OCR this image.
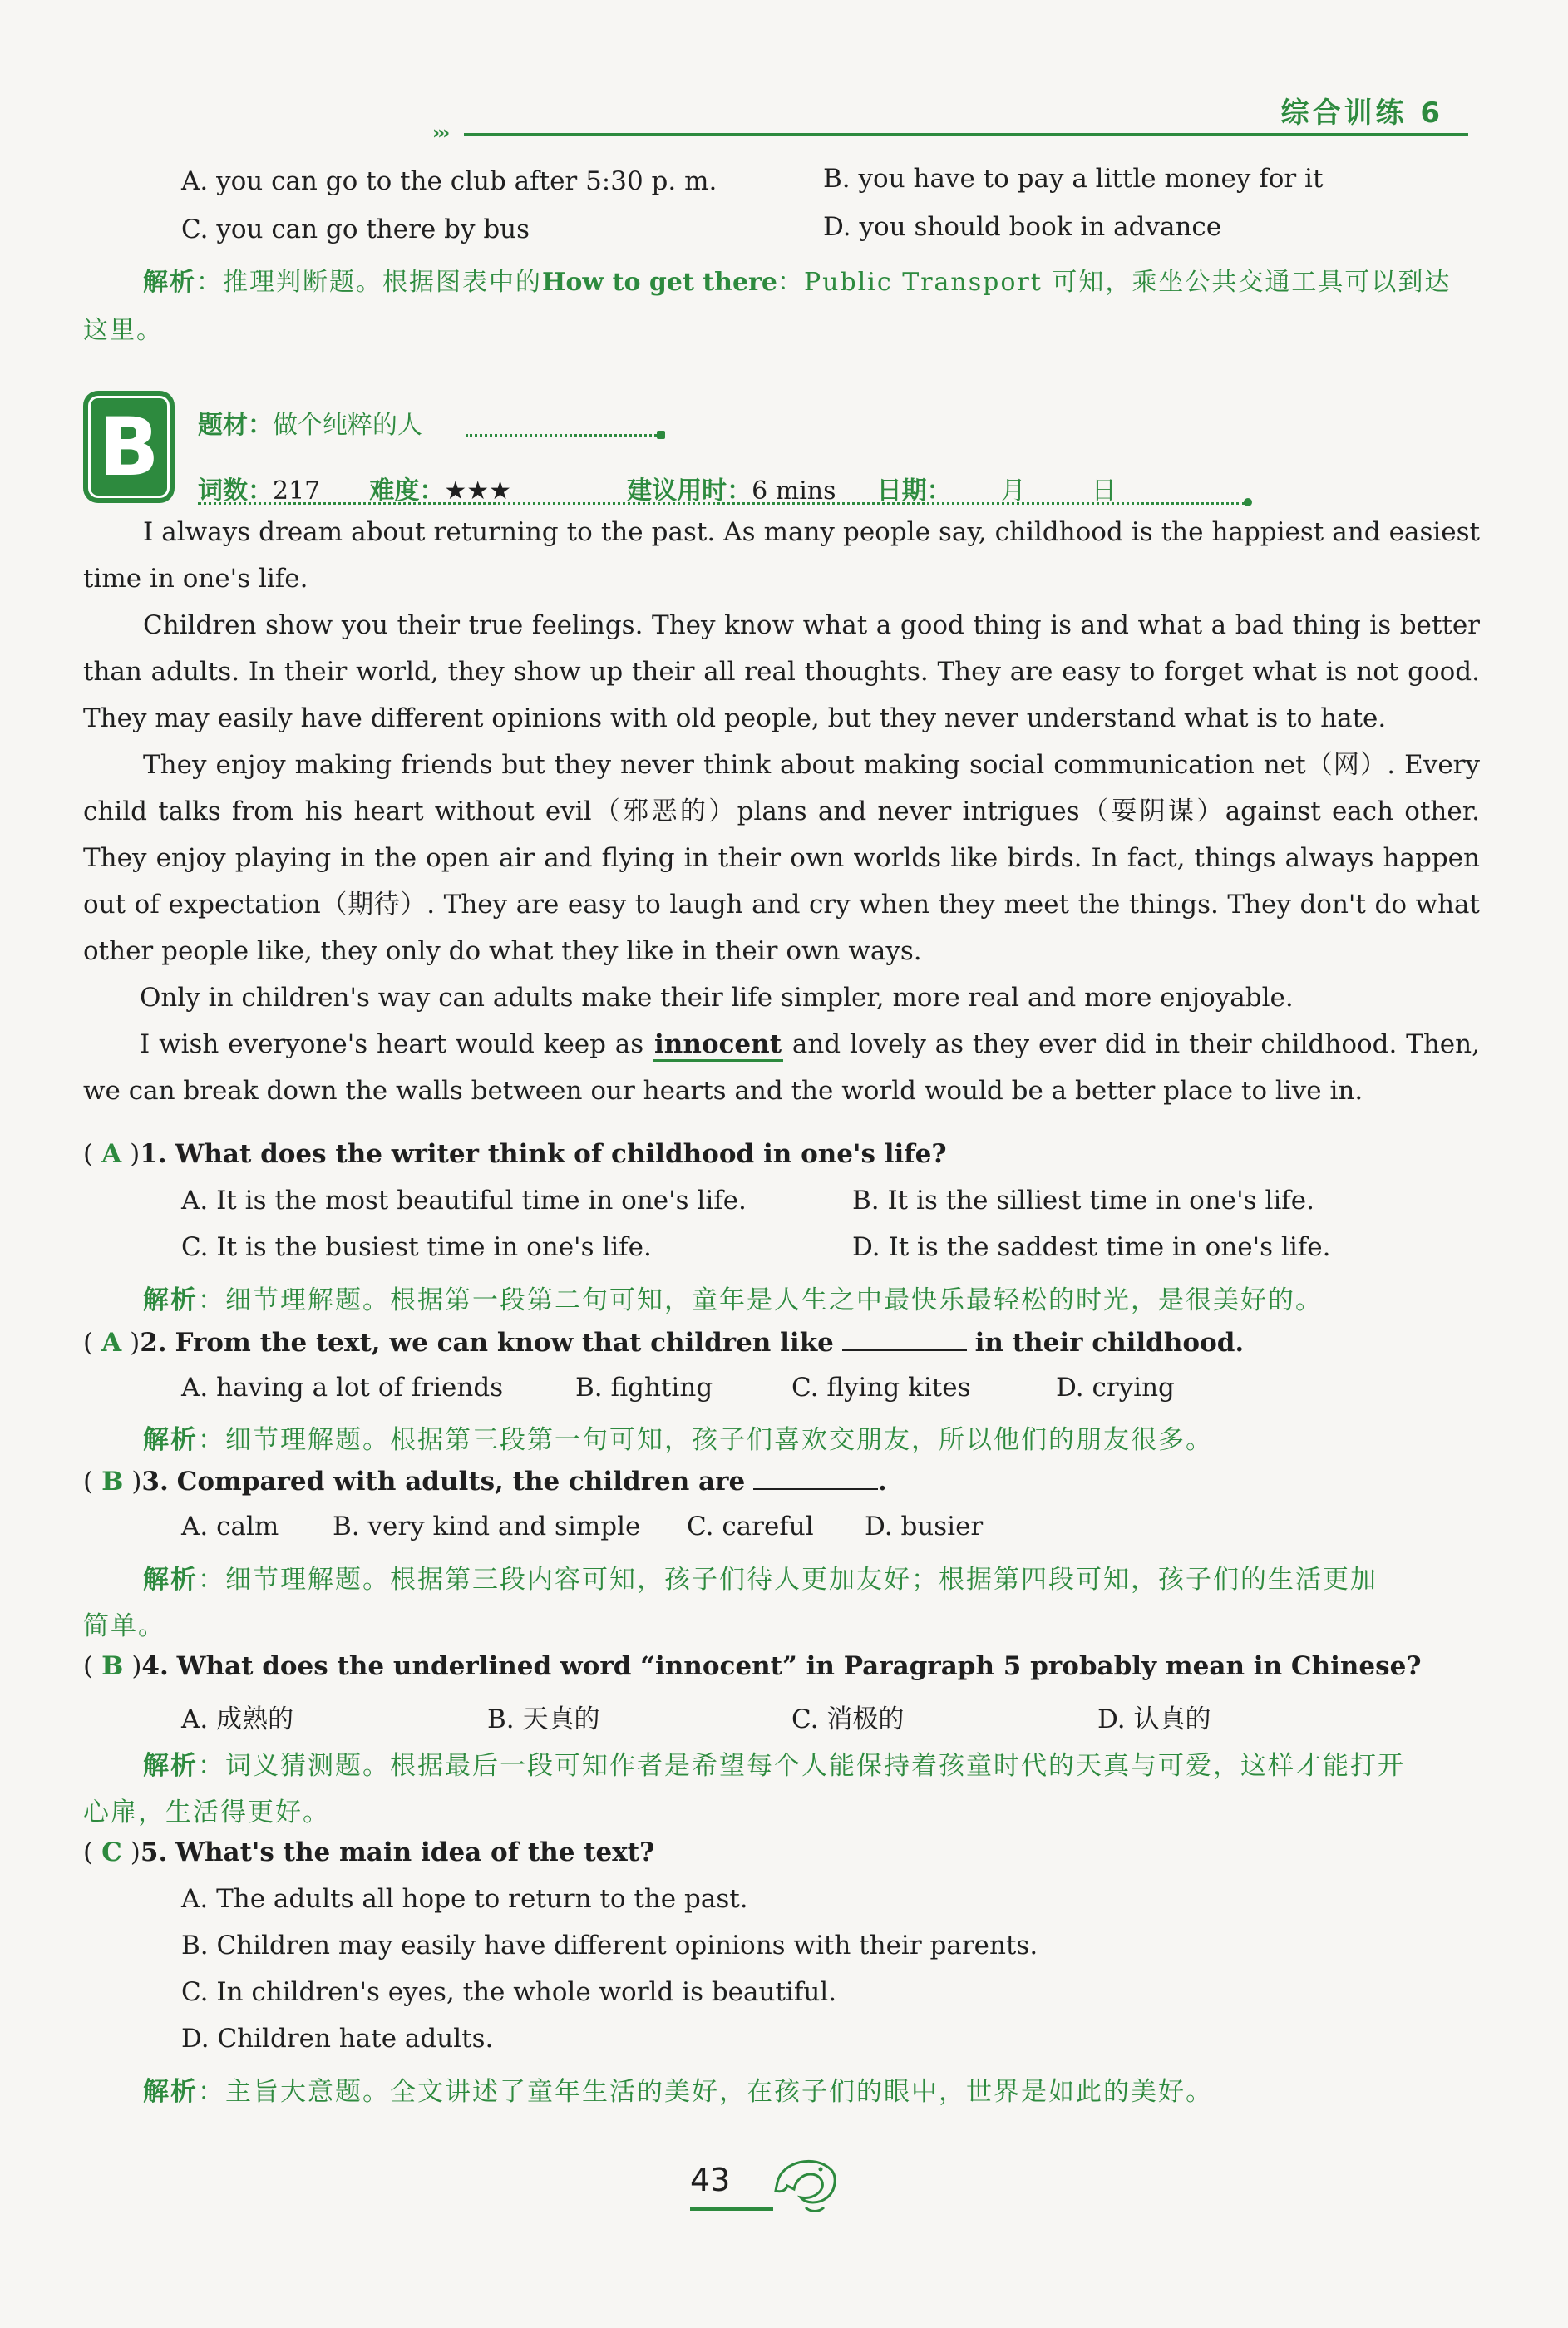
›››
综合训练 6
A. you can go to the club after 5:30 p. m.	B. you have to pay a little money for it
C. you can go there by bus	D. you should book in advance
解析：推理判断题。根据图表中的How to get there：Public Transport 可知，乘坐公共交通工具可以到达
这里。
B	题材：做个纯粹的人
词数：217 难度：★★★	建议用时：6 mins 日期： 月	日
I always dream about returning to the past. As many people say, childhood is the happiest and easiest time in one's life.
Children show you their true feelings. They know what a good thing is and what a bad thing is better than adults. In their world, they show up their all real thoughts. They are easy to forget what is not good. They may easily have different opinions with old people, but they never understand what is to hate.
They enjoy making friends but they never think about making social communication net（网）. Every child talks from his heart without evil（邪恶的）plans and never intrigues（耍阴谋）against each other. They enjoy playing in the open air and flying in their own worlds like birds. In fact, things always happen out of expectation（期待）. They are easy to laugh and cry when they meet the things. They don't do what other people like, they only do what they like in their own ways.
Only in children's way can adults make their life simpler, more real and more enjoyable.
I wish everyone's heart would keep as innocent and lovely as they ever did in their childhood. Then, we can break down the walls between our hearts and the world would be a better place to live in.
( A )1. What does the writer think of childhood in one's life?
A. It is the most beautiful time in one's life.	B. It is the silliest time in one's life.
C. It is the busiest time in one's life.	D. It is the saddest time in one's life.
解析：细节理解题。根据第一段第二句可知，童年是人生之中最快乐最轻松的时光，是很美好的。
( A )2. From the text, we can know that children like	in their childhood.
A. having a lot of friends	B. fighting	C. flying kites	D. crying
解析：细节理解题。根据第三段第一句可知，孩子们喜欢交朋友，所以他们的朋友很多。
( B )3. Compared with adults, the children are	.
A. calm B. very kind and simple C. careful D. busier
解析：细节理解题。根据第三段内容可知，孩子们待人更加友好；根据第四段可知，孩子们的生活更加
简单。
( B )4. What does the underlined word “innocent” in Paragraph 5 probably mean in Chinese?
A. 成熟的	B. 天真的	C. 消极的	D. 认真的
解析：词义猜测题。根据最后一段可知作者是希望每个人能保持着孩童时代的天真与可爱，这样才能打开
心扉，生活得更好。
( C )5. What's the main idea of the text?
A. The adults all hope to return to the past.
B. Children may easily have different opinions with their parents.
C. In children's eyes, the whole world is beautiful.
D. Children hate adults.
解析：主旨大意题。全文讲述了童年生活的美好，在孩子们的眼中，世界是如此的美好。
43
